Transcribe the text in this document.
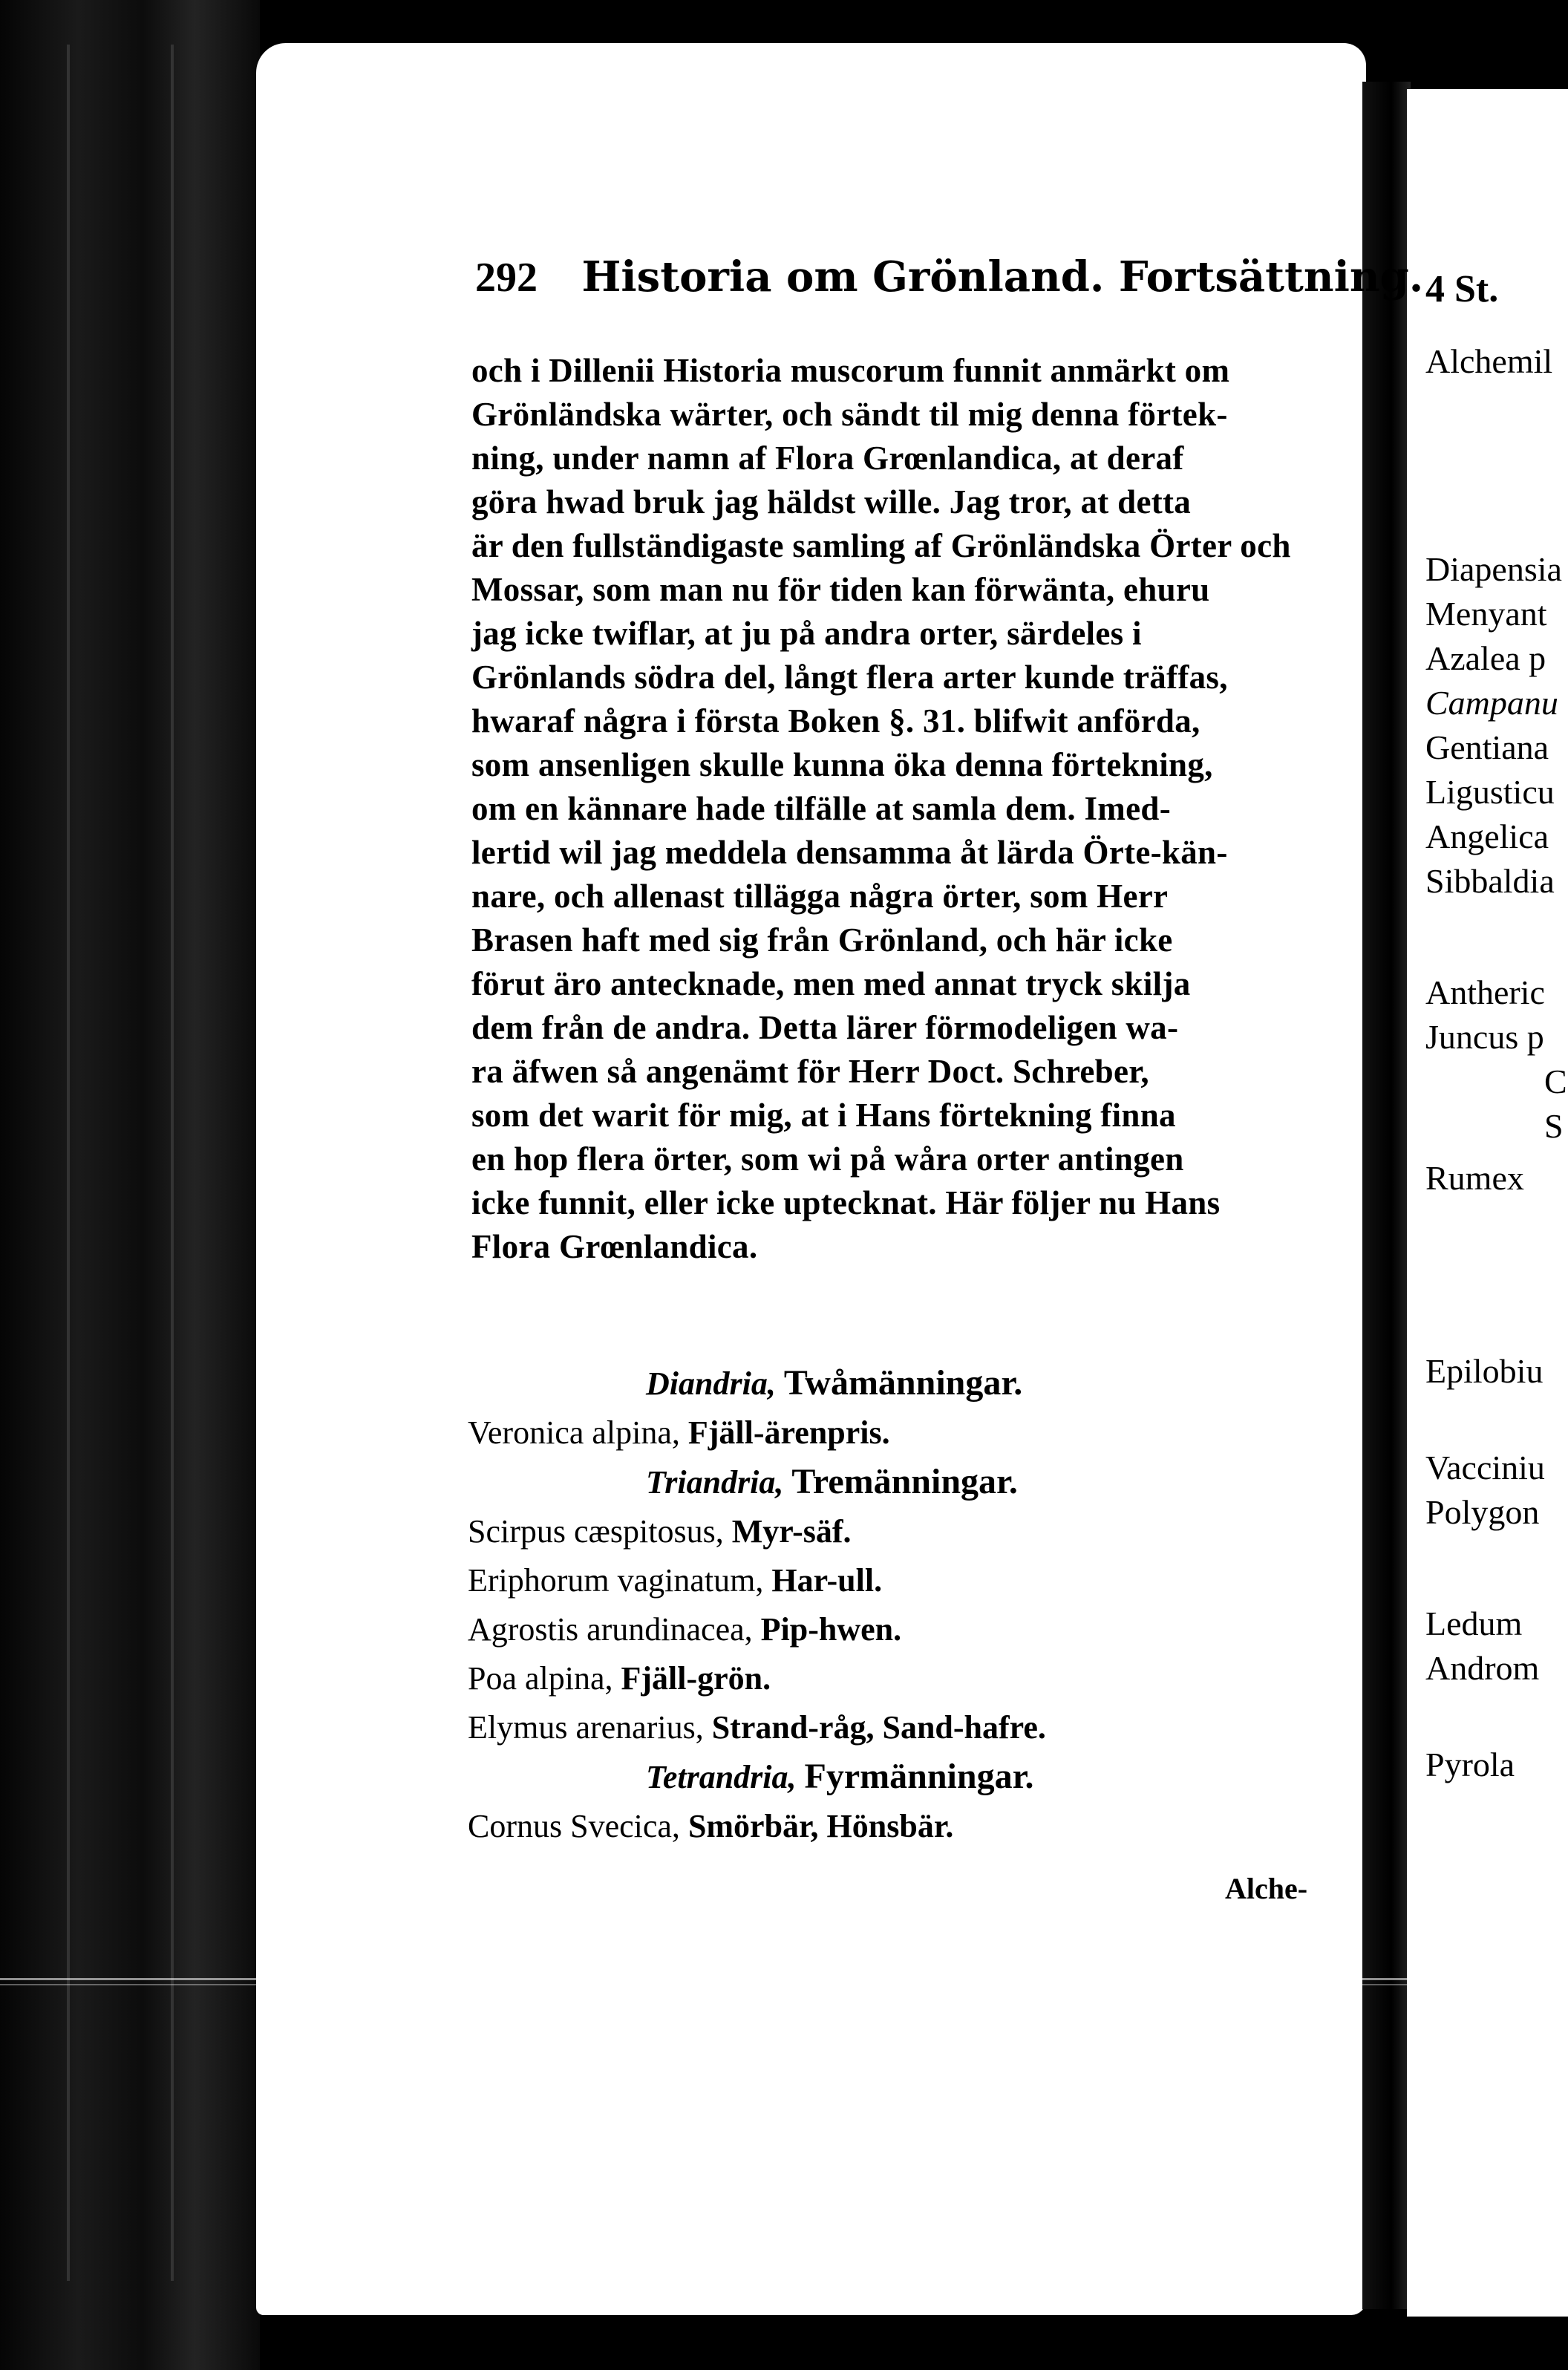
292 Historia om Grönland. Fortsättning.
och i Dillenii Historia muscorum funnit anmärkt om
Grönländska wärter, och sändt til mig denna förtek-
ning, under namn af Flora Grœnlandica, at deraf
göra hwad bruk jag häldst wille. Jag tror, at detta
är den fullständigaste samling af Grönländska Örter och
Mossar, som man nu för tiden kan förwänta, ehuru
jag icke twiflar, at ju på andra orter, särdeles i
Grönlands södra del, långt flera arter kunde träffas,
hwaraf några i första Boken §. 31. blifwit anförda,
som ansenligen skulle kunna öka denna förtekning,
om en kännare hade tilfälle at samla dem. Imed-
lertid wil jag meddela densamma åt lärda Örte-kän-
nare, och allenast tillägga några örter, som Herr
Brasen haft med sig från Grönland, och här icke
förut äro antecknade, men med annat tryck skilja
dem från de andra. Detta lärer förmodeligen wa-
ra äfwen så angenämt för Herr Doct. Schreber,
som det warit för mig, at i Hans förtekning finna
en hop flera örter, som wi på wåra orter antingen
icke funnit, eller icke uptecknat. Här följer nu Hans
Flora Grœnlandica.
Diandria, Twåmänningar.
Veronica alpina, Fjäll-ärenpris.
Triandria, Tremänningar.
Scirpus cæspitosus, Myr-säf.
Eriphorum vaginatum, Har-ull.
Agrostis arundinacea, Pip-hwen.
Poa alpina, Fjäll-grön.
Elymus arenarius, Strand-råg, Sand-hafre.
Tetrandria, Fyrmänningar.
Cornus Svecica, Smörbär, Hönsbär.
Alche-
4 St.
Alchemil
Diapensia
Menyant
Azalea p
Campanu
Gentiana
Ligusticu
Angelica
Sibbaldia
Antheric
Juncus p
C
S
Rumex
Epilobiu
Vacciniu
Polygon
Ledum
Androm
Pyrola
